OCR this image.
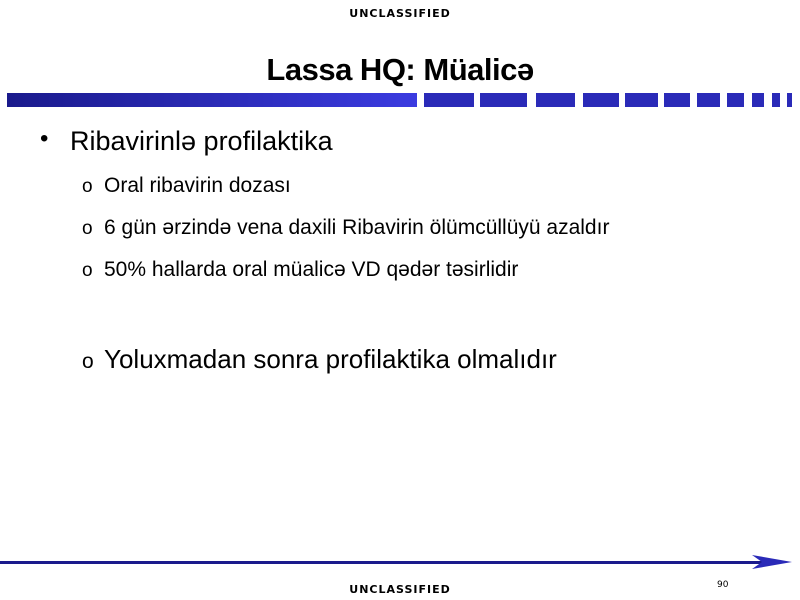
UNCLASSIFIED
Lassa HQ: Müalicə
• Ribavirinlə profilaktika
o Oral ribavirin dozası
o 6 gün ərzində vena daxili Ribavirin ölümcüllüyü azaldır
o 50% hallarda oral müalicə VD qədər təsirlidir
o Yoluxmadan sonra profilaktika olmalıdır
90
UNCLASSIFIED
